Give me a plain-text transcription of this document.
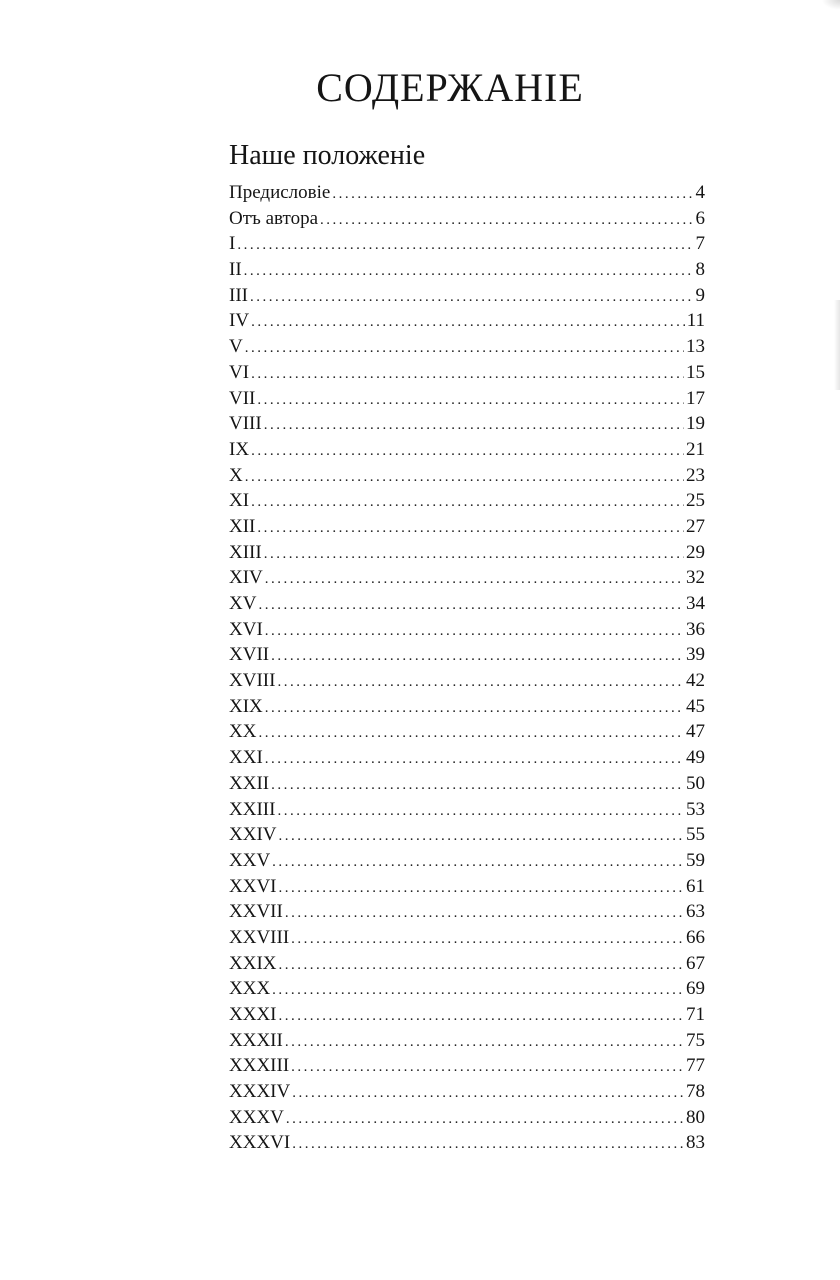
СОДЕРЖАНІЕ
Наше положеніе
Предисловіе .....	4
Отъ автора .....	6
I .....	7
II .....	8
III .....	9
IV .....	11
V .....	13
VI .....	15
VII .....	17
VIII .....	19
IX .....	21
X .....	23
XI .....	25
XII .....	27
XIII .....	29
XIV .....	32
XV .....	34
XVI .....	36
XVII .....	39
XVIII .....	42
XIX .....	45
XX .....	47
XXI .....	49
XXII .....	50
XXIII .....	53
XXIV .....	55
XXV .....	59
XXVI .....	61
XXVII .....	63
XXVIII .....	66
XXIX .....	67
XXX .....	69
XXXI .....	71
XXXII .....	75
XXXIII .....	77
XXXIV .....	78
XXXV .....	80
XXXVI .....	83
